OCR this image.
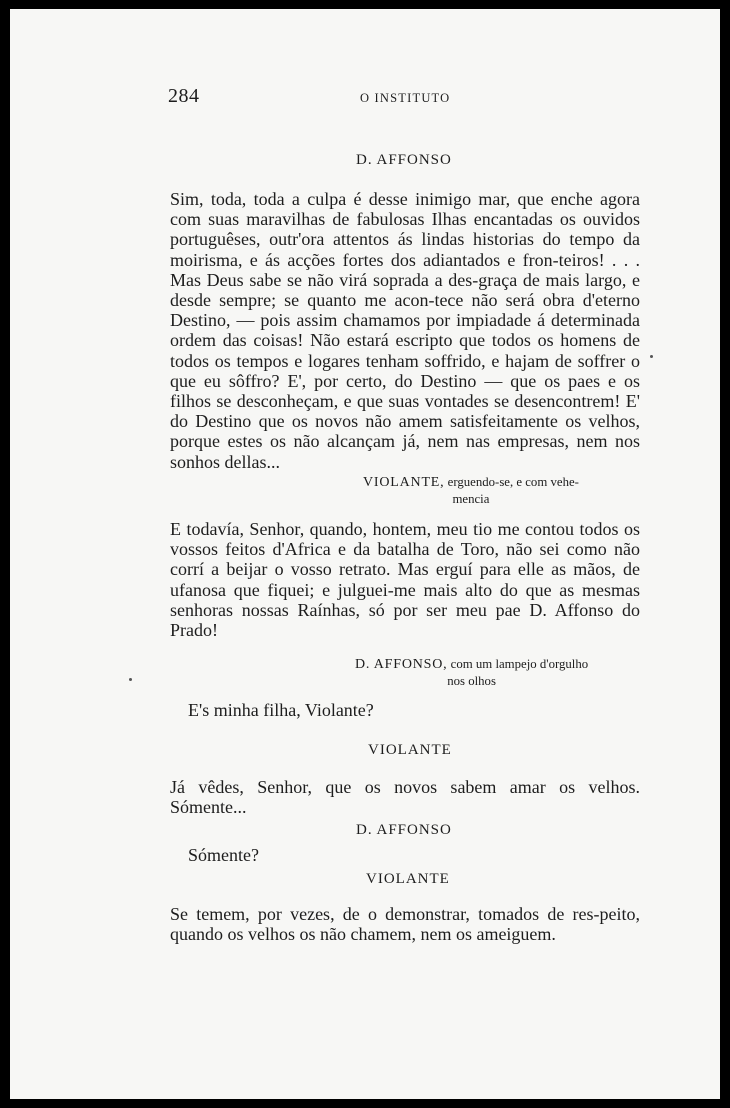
284	O INSTITUTO
D. AFFONSO
Sim, toda, toda a culpa é desse inimigo mar, que enche agora com suas maravilhas de fabulosas Ilhas encantadas os ouvidos portuguêses, outr'ora attentos ás lindas historias do tempo da moirisma, e ás acções fortes dos adiantados e fron-teiros! . . . Mas Deus sabe se não virá soprada a des-graça de mais largo, e desde sempre; se quanto me acon-tece não será obra d'eterno Destino, — pois assim chamamos por impiadade á determinada ordem das coisas! Não estará escripto que todos os homens de todos os tempos e logares tenham soffrido, e hajam de soffrer o que eu sôffro? E', por certo, do Destino — que os paes e os filhos se desconheçam, e que suas vontades se desencontrem! E' do Destino que os novos não amem satisfeitamente os velhos, porque estes os não alcançam já, nem nas empresas, nem nos sonhos dellas...
VIOLANTE, erguendo-se, e com vehe-
mencia
E todavía, Senhor, quando, hontem, meu tio me contou todos os vossos feitos d'Africa e da batalha de Toro, não sei como não corrí a beijar o vosso retrato. Mas erguí para elle as mãos, de ufanosa que fiquei; e julguei-me mais alto do que as mesmas senhoras nossas Raínhas, só por ser meu pae D. Affonso do Prado!
D. AFFONSO, com um lampejo d'orgulho
nos olhos
E's minha filha, Violante?
VIOLANTE
Já vêdes, Senhor, que os novos sabem amar os velhos. Sómente...
D. AFFONSO
Sómente?
VIOLANTE
Se temem, por vezes, de o demonstrar, tomados de res-peito, quando os velhos os não chamem, nem os ameiguem.
